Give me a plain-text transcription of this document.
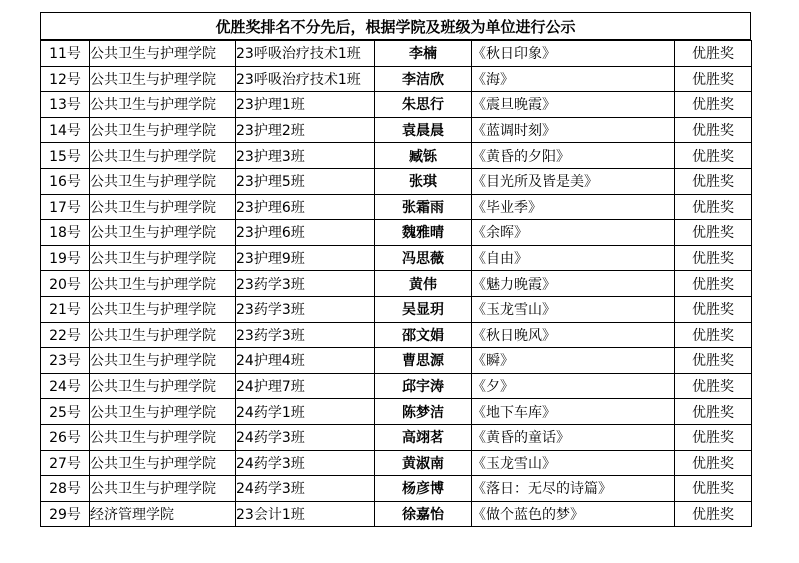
优胜奖排名不分先后，根据学院及班级为单位进行公示
11号	公共卫生与护理学院	23呼吸治疗技术1班	李楠	《秋日印象》	优胜奖
12号	公共卫生与护理学院	23呼吸治疗技术1班	李洁欣	《海》	优胜奖
13号	公共卫生与护理学院	23护理1班	朱思行	《震旦晚霞》	优胜奖
14号	公共卫生与护理学院	23护理2班	袁晨晨	《蓝调时刻》	优胜奖
15号	公共卫生与护理学院	23护理3班	臧铄	《黄昏的夕阳》	优胜奖
16号	公共卫生与护理学院	23护理5班	张琪	《目光所及皆是美》	优胜奖
17号	公共卫生与护理学院	23护理6班	张霜雨	《毕业季》	优胜奖
18号	公共卫生与护理学院	23护理6班	魏雅晴	《余晖》	优胜奖
19号	公共卫生与护理学院	23护理9班	冯思薇	《自由》	优胜奖
20号	公共卫生与护理学院	23药学3班	黄伟	《魅力晚霞》	优胜奖
21号	公共卫生与护理学院	23药学3班	吴显玥	《玉龙雪山》	优胜奖
22号	公共卫生与护理学院	23药学3班	邵文娟	《秋日晚风》	优胜奖
23号	公共卫生与护理学院	24护理4班	曹思源	《瞬》	优胜奖
24号	公共卫生与护理学院	24护理7班	邱宇涛	《夕》	优胜奖
25号	公共卫生与护理学院	24药学1班	陈梦洁	《地下车库》	优胜奖
26号	公共卫生与护理学院	24药学3班	高翊茗	《黄昏的童话》	优胜奖
27号	公共卫生与护理学院	24药学3班	黄淑南	《玉龙雪山》	优胜奖
28号	公共卫生与护理学院	24药学3班	杨彦博	《落日：无尽的诗篇》	优胜奖
29号	经济管理学院	23会计1班	徐嘉怡	《做个蓝色的梦》	优胜奖
